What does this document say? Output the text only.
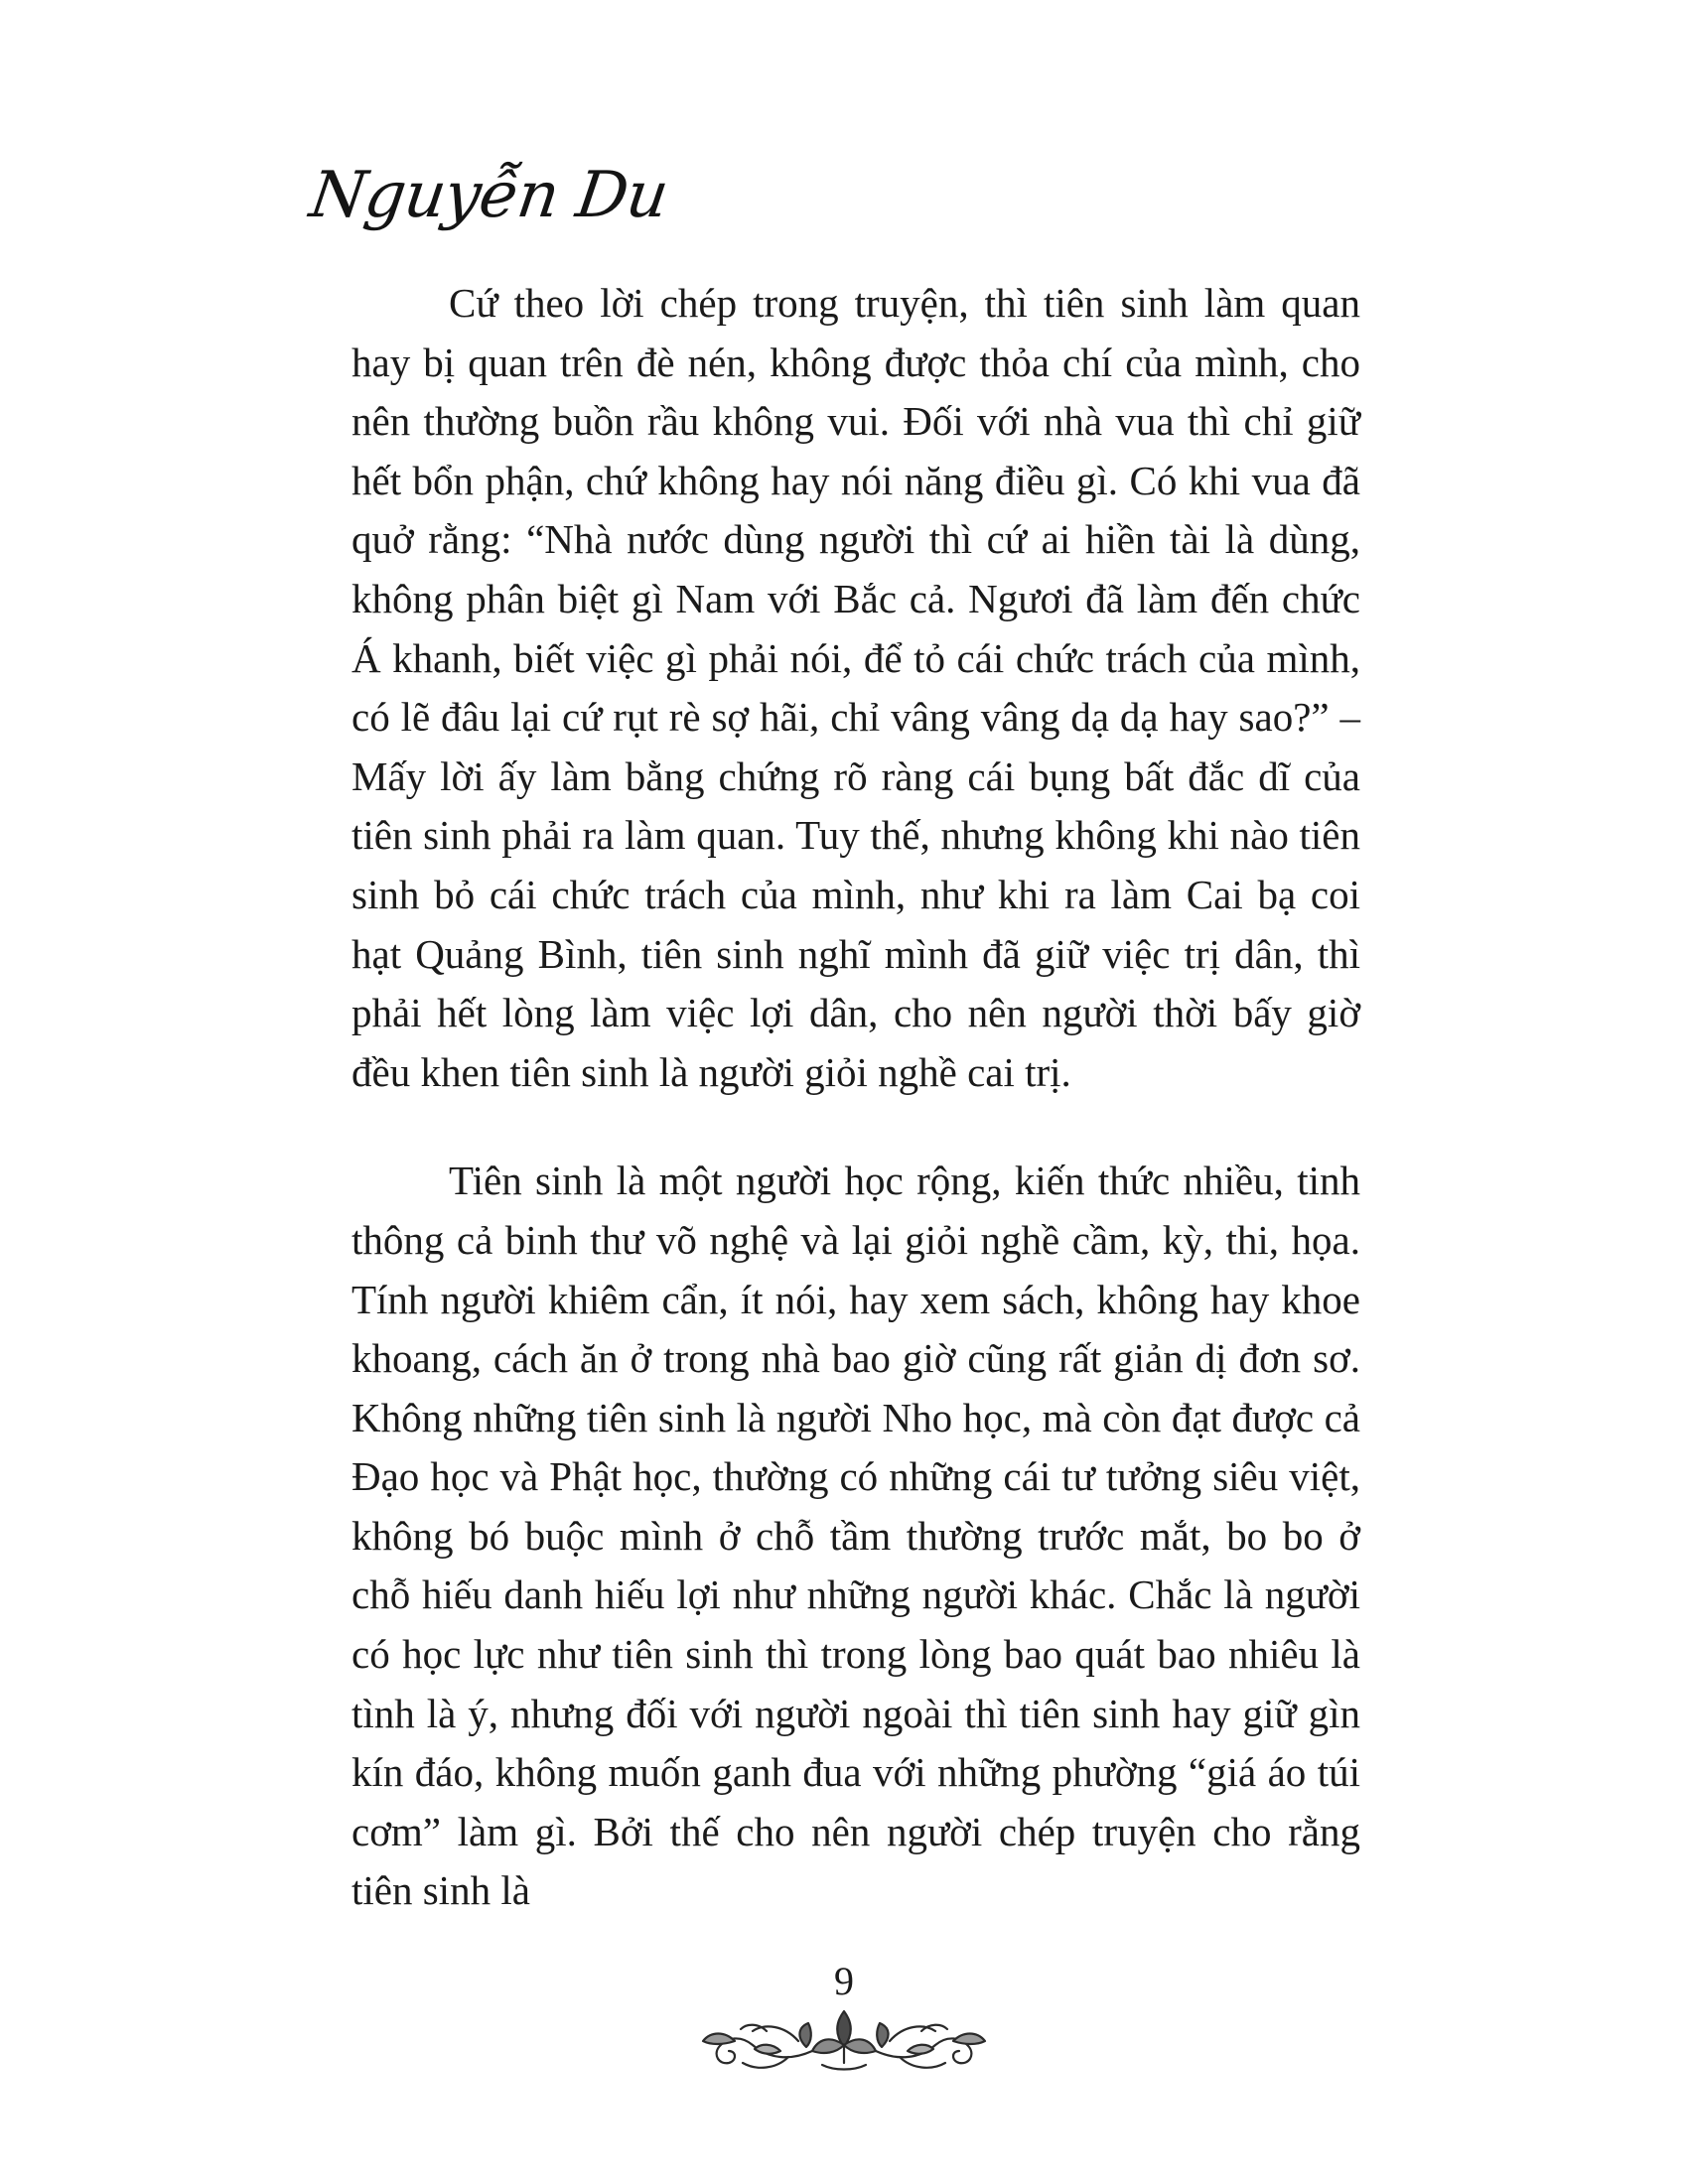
Nguyễn Du

Cứ theo lời chép trong truyện, thì tiên sinh làm quan hay bị quan trên đè nén, không được thỏa chí của mình, cho nên thường buồn rầu không vui. Đối với nhà vua thì chỉ giữ hết bổn phận, chứ không hay nói năng điều gì. Có khi vua đã quở rằng: “Nhà nước dùng người thì cứ ai hiền tài là dùng, không phân biệt gì Nam với Bắc cả. Ngươi đã làm đến chức Á khanh, biết việc gì phải nói, để tỏ cái chức trách của mình, có lẽ đâu lại cứ rụt rè sợ hãi, chỉ vâng vâng dạ dạ hay sao?” – Mấy lời ấy làm bằng chứng rõ ràng cái bụng bất đắc dĩ của tiên sinh phải ra làm quan. Tuy thế, nhưng không khi nào tiên sinh bỏ cái chức trách của mình, như khi ra làm Cai bạ coi hạt Quảng Bình, tiên sinh nghĩ mình đã giữ việc trị dân, thì phải hết lòng làm việc lợi dân, cho nên người thời bấy giờ đều khen tiên sinh là người giỏi nghề cai trị.

Tiên sinh là một người học rộng, kiến thức nhiều, tinh thông cả binh thư võ nghệ và lại giỏi nghề cầm, kỳ, thi, họa. Tính người khiêm cẩn, ít nói, hay xem sách, không hay khoe khoang, cách ăn ở trong nhà bao giờ cũng rất giản dị đơn sơ. Không những tiên sinh là người Nho học, mà còn đạt được cả Đạo học và Phật học, thường có những cái tư tưởng siêu việt, không bó buộc mình ở chỗ tầm thường trước mắt, bo bo ở chỗ hiếu danh hiếu lợi như những người khác. Chắc là người có học lực như tiên sinh thì trong lòng bao quát bao nhiêu là tình là ý, nhưng đối với người ngoài thì tiên sinh hay giữ gìn kín đáo, không muốn ganh đua với những phường “giá áo túi cơm” làm gì. Bởi thế cho nên người chép truyện cho rằng tiên sinh là

9
